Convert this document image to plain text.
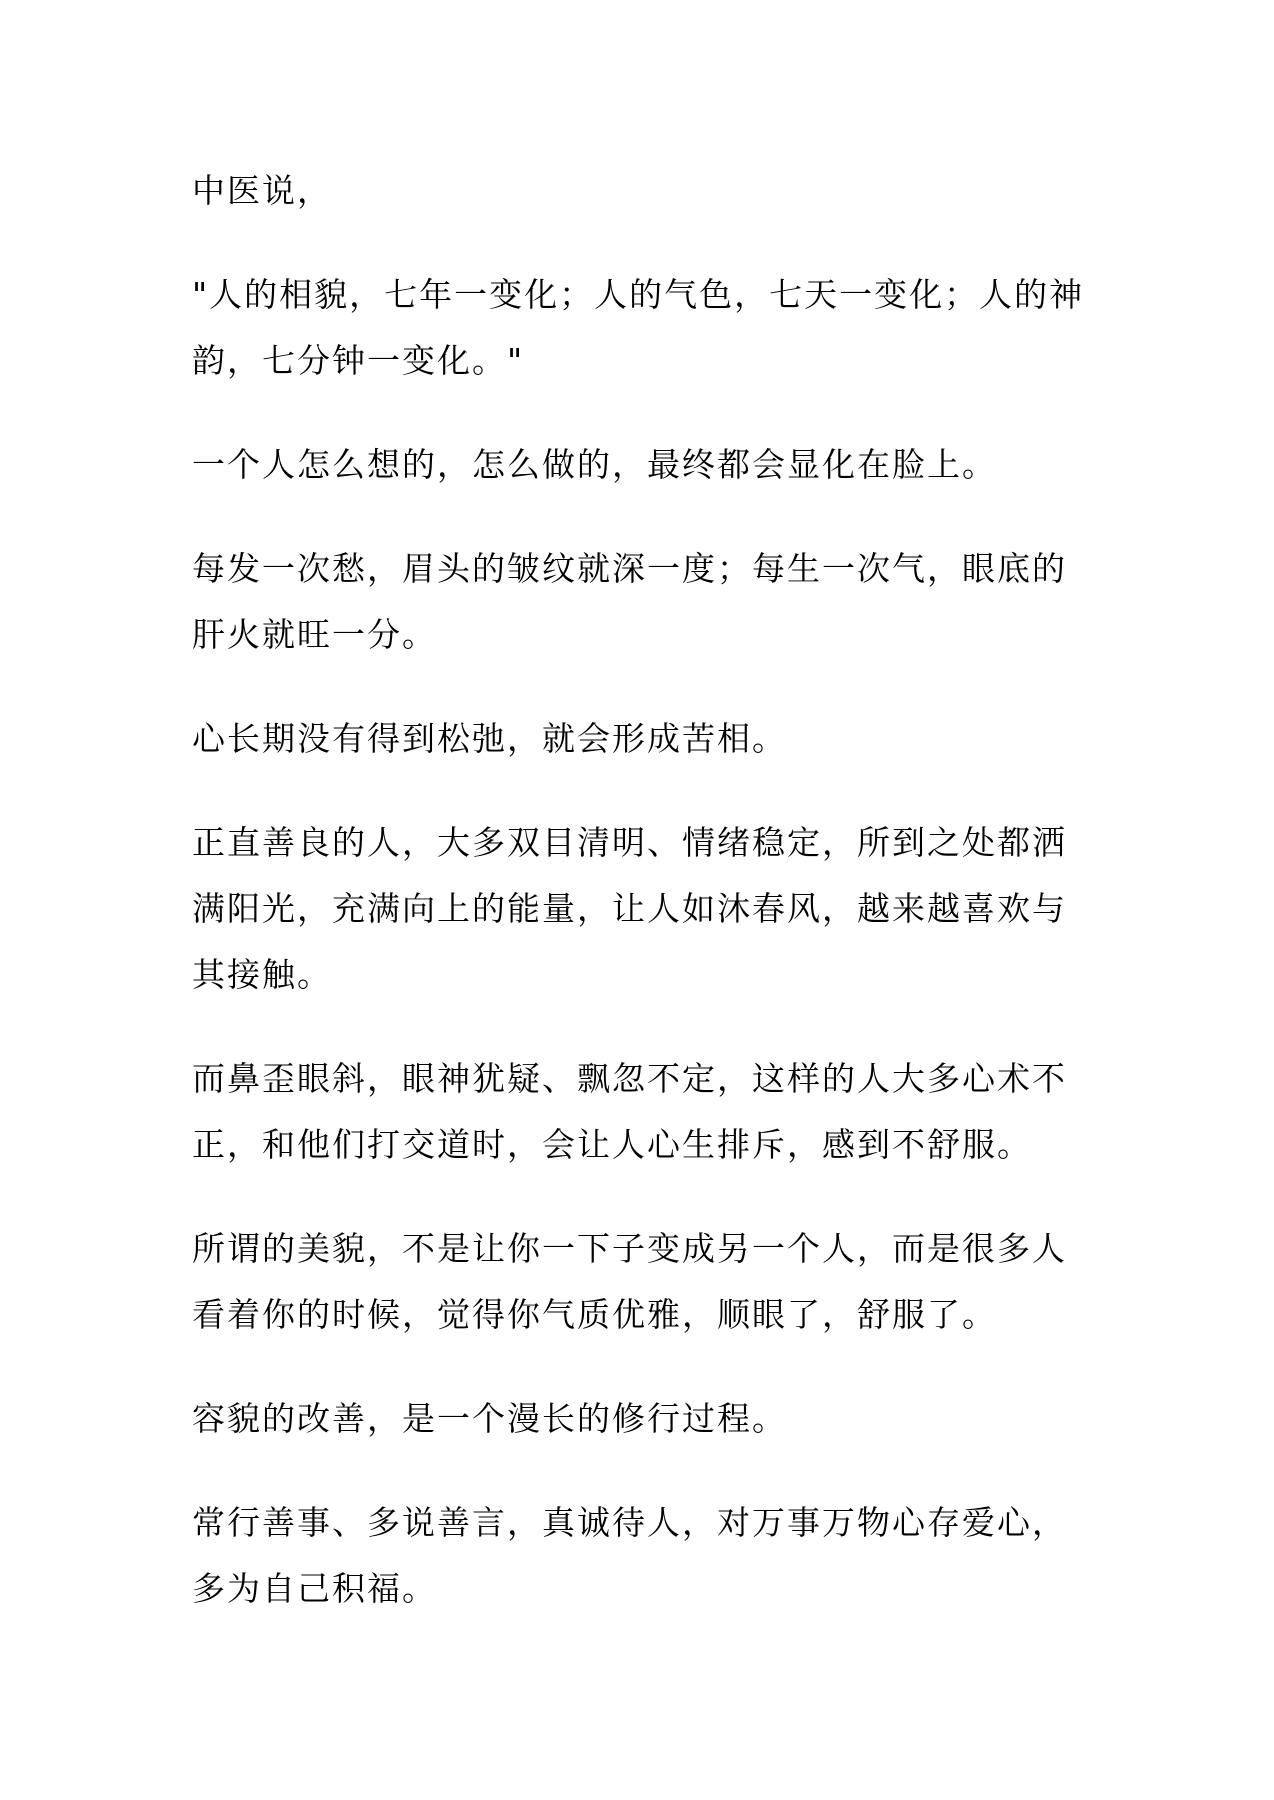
中医说，

"人的相貌，七年一变化；人的气色，七天一变化；人的神韵，七分钟一变化。"

一个人怎么想的，怎么做的，最终都会显化在脸上。

每发一次愁，眉头的皱纹就深一度；每生一次气，眼底的肝火就旺一分。

心长期没有得到松弛，就会形成苦相。

正直善良的人，大多双目清明、情绪稳定，所到之处都洒满阳光，充满向上的能量，让人如沐春风，越来越喜欢与其接触。

而鼻歪眼斜，眼神犹疑、飘忽不定，这样的人大多心术不正，和他们打交道时，会让人心生排斥，感到不舒服。

所谓的美貌，不是让你一下子变成另一个人，而是很多人看着你的时候，觉得你气质优雅，顺眼了，舒服了。

容貌的改善，是一个漫长的修行过程。

常行善事、多说善言，真诚待人，对万事万物心存爱心，多为自己积福。
